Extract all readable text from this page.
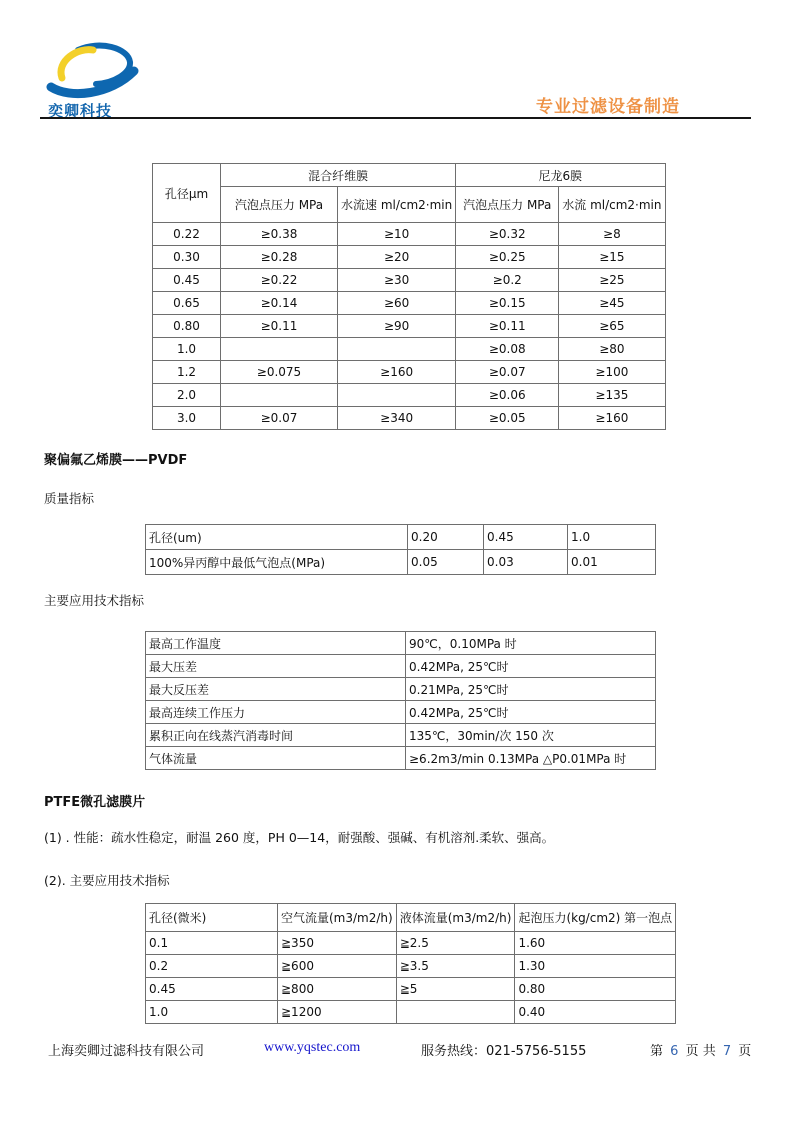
奕卿科技	专业过滤设备制造
孔径μm	混合纤维膜		尼龙6膜	
	汽泡点压力 MPa	水流速 ml/cm2·min	汽泡点压力 MPa	水流 ml/cm2·min
0.22	≥0.38	≥10	≥0.32	≥8
0.30	≥0.28	≥20	≥0.25	≥15
0.45	≥0.22	≥30	≥0.2	≥25
0.65	≥0.14	≥60	≥0.15	≥45
0.80	≥0.11	≥90	≥0.11	≥65
1.0			≥0.08	≥80
1.2	≥0.075	≥160	≥0.07	≥100
2.0			≥0.06	≥135
3.0	≥0.07	≥340	≥0.05	≥160
聚偏氟乙烯膜——PVDF
质量指标
孔径(um)	0.20	0.45	1.0
100%异丙醇中最低气泡点(MPa)	0.05	0.03	0.01
主要应用技术指标
最高工作温度	90℃，0.10MPa 时
最大压差	0.42MPa, 25℃时
最大反压差	0.21MPa, 25℃时
最高连续工作压力	0.42MPa, 25℃时
累积正向在线蒸汽消毒时间	135℃，30min/次 150 次
气体流量	≥6.2m3/min 0.13MPa △P0.01MPa 时
PTFE微孔滤膜片
(1) . 性能：疏水性稳定，耐温 260 度，PH 0—14，耐强酸、强碱、有机溶剂.柔软、强高。
(2). 主要应用技术指标
孔径(微米)	空气流量(m3/m2/h)	液体流量(m3/m2/h)	起泡压力(kg/cm2) 第一泡点
0.1	≧350	≧2.5	1.60
0.2	≧600	≧3.5	1.30
0.45	≧800	≧5	0.80
1.0	≧1200		0.40
上海奕卿过滤科技有限公司	www.yqstec.com	服务热线：021-5756-5155	第 6 页 共 7 页
